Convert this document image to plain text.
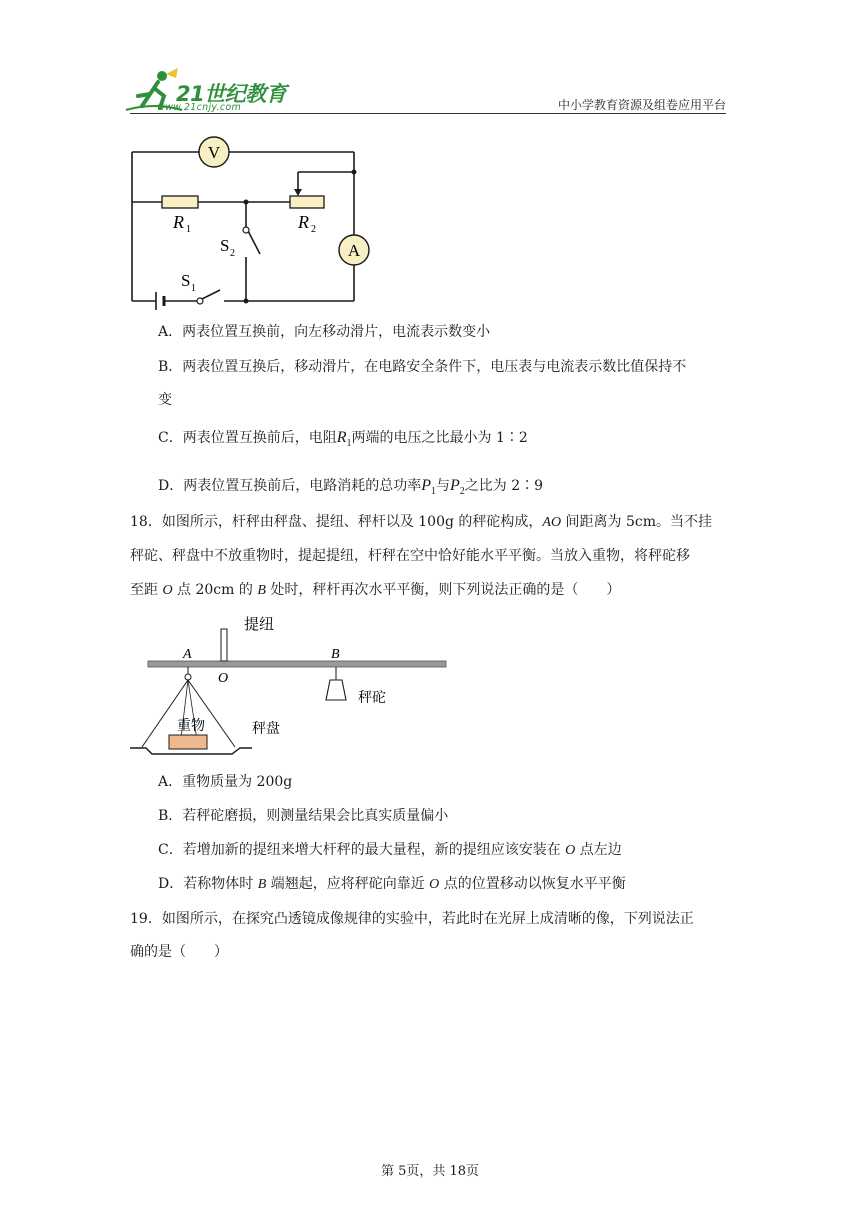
21世纪教育
www.21cnjy.com	中小学教育资源及组卷应用平台
V
A
R 1	R 2
S 2
S 1
A．两表位置互换前，向左移动滑片，电流表示数变小
B．两表位置互换后，移动滑片，在电路安全条件下，电压表与电流表示数比值保持不
变
C．两表位置互换前后，电阻$R_1$两端的电压之比最小为 1∶2
D．两表位置互换前后，电路消耗的总功率$P_1$与$P_2$之比为 2∶9
18．如图所示，杆秤由秤盘、提纽、秤杆以及 100g 的秤砣构成，AO 间距离为 5cm。当不挂
秤砣、秤盘中不放重物时，提起提纽，杆秤在空中恰好能水平平衡。当放入重物，将秤砣移
至距 O 点 20cm 的 B 处时，秤杆再次水平平衡，则下列说法正确的是（　　）
提纽
A
O
B
秤砣
重物	秤盘
A．重物质量为 200g
B．若秤砣磨损，则测量结果会比真实质量偏小
C．若增加新的提纽来增大杆秤的最大量程，新的提纽应该安装在 O 点左边
D．若称物体时 B 端翘起，应将秤砣向靠近 O 点的位置移动以恢复水平平衡
19．如图所示，在探究凸透镜成像规律的实验中，若此时在光屏上成清晰的像，下列说法正
确的是（　　）
第 5页，共 18页
